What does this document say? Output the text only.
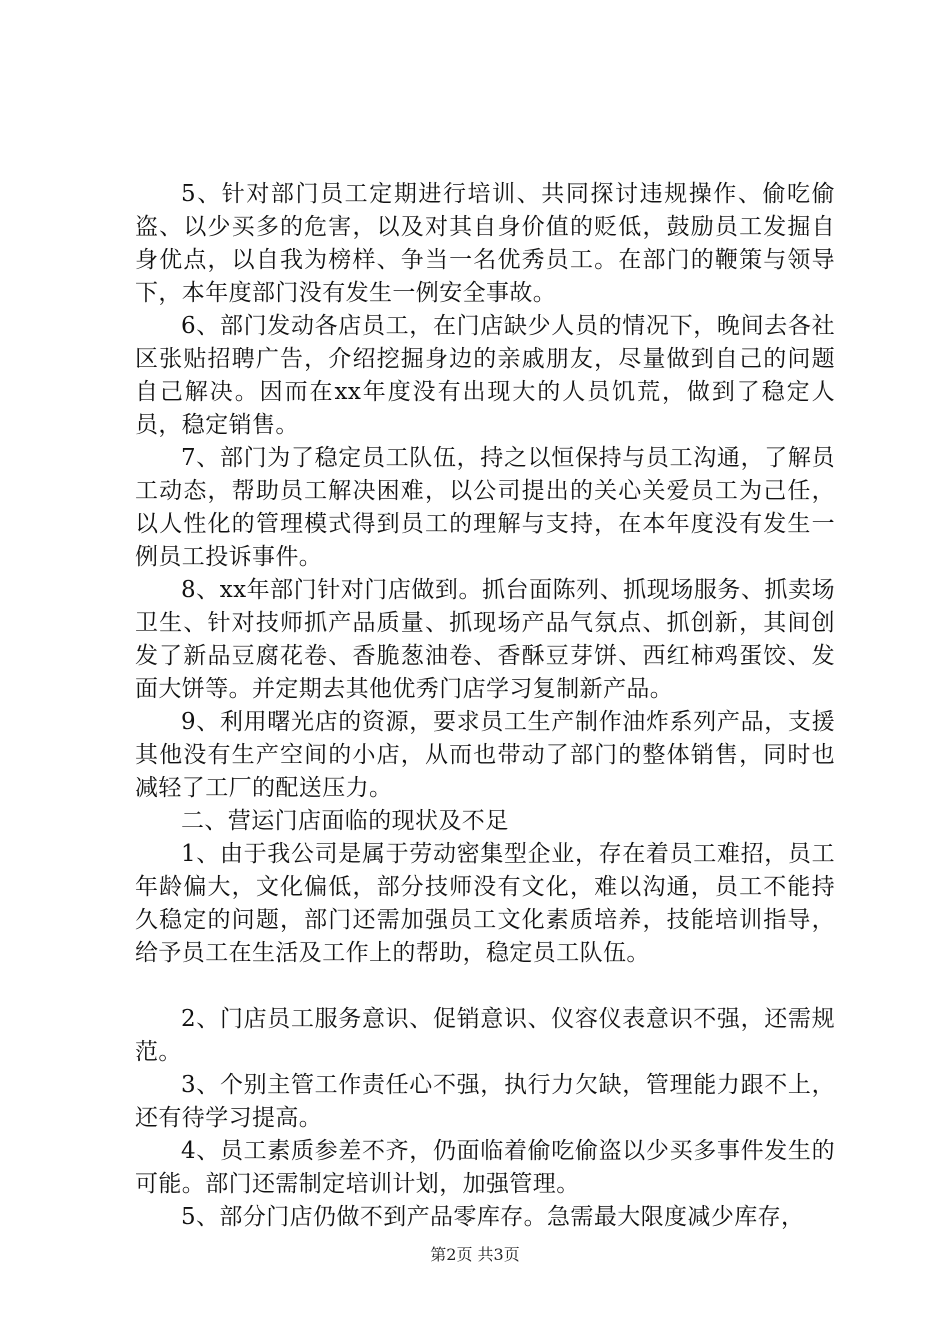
5、针对部门员工定期进行培训、共同探讨违规操作、偷吃偷盗、以少买多的危害，以及对其自身价值的贬低，鼓励员工发掘自身优点，以自我为榜样、争当一名优秀员工。在部门的鞭策与领导下，本年度部门没有发生一例安全事故。

6、部门发动各店员工，在门店缺少人员的情况下，晚间去各社区张贴招聘广告，介绍挖掘身边的亲戚朋友，尽量做到自己的问题自己解决。因而在xx年度没有出现大的人员饥荒，做到了稳定人员，稳定销售。

7、部门为了稳定员工队伍，持之以恒保持与员工沟通，了解员工动态，帮助员工解决困难，以公司提出的关心关爱员工为己任，以人性化的管理模式得到员工的理解与支持，在本年度没有发生一例员工投诉事件。

8、xx年部门针对门店做到。抓台面陈列、抓现场服务、抓卖场卫生、针对技师抓产品质量、抓现场产品气氛点、抓创新，其间创发了新品豆腐花卷、香脆葱油卷、香酥豆芽饼、西红柿鸡蛋饺、发面大饼等。并定期去其他优秀门店学习复制新产品。

9、利用曙光店的资源，要求员工生产制作油炸系列产品，支援其他没有生产空间的小店，从而也带动了部门的整体销售，同时也减轻了工厂的配送压力。

二、营运门店面临的现状及不足

1、由于我公司是属于劳动密集型企业，存在着员工难招，员工年龄偏大，文化偏低，部分技师没有文化，难以沟通，员工不能持久稳定的问题，部门还需加强员工文化素质培养，技能培训指导，给予员工在生活及工作上的帮助，稳定员工队伍。

2、门店员工服务意识、促销意识、仪容仪表意识不强，还需规范。

3、个别主管工作责任心不强，执行力欠缺，管理能力跟不上，还有待学习提高。

4、员工素质参差不齐，仍面临着偷吃偷盗以少买多事件发生的可能。部门还需制定培训计划，加强管理。

5、部分门店仍做不到产品零库存。急需最大限度减少库存，

第2页 共3页
